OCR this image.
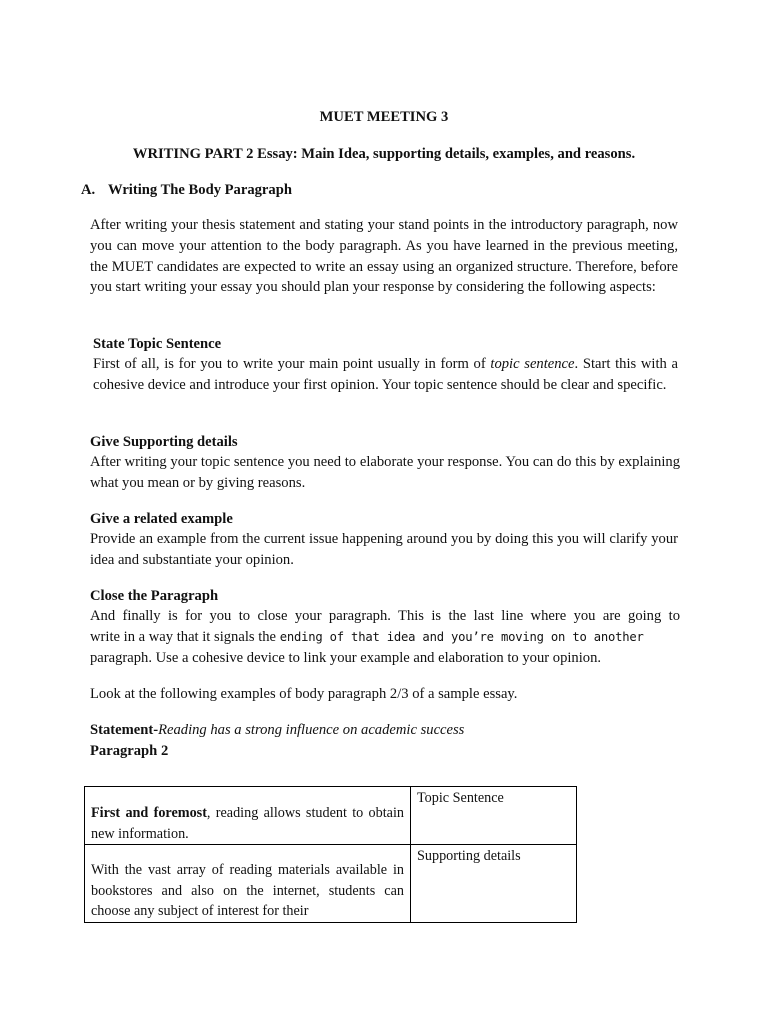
MUET MEETING 3
WRITING PART 2 Essay: Main Idea, supporting details, examples, and reasons.
A. Writing The Body Paragraph
After writing your thesis statement and stating your stand points in the introductory paragraph, now you can move your attention to the body paragraph. As you have learned in the previous meeting, the MUET candidates are expected to write an essay using an organized structure. Therefore, before you start writing your essay you should plan your response by considering the following aspects:
State Topic Sentence
First of all, is for you to write your main point usually in form of topic sentence. Start this with a cohesive device and introduce your first opinion. Your topic sentence should be clear and specific.
Give Supporting details
After writing your topic sentence you need to elaborate your response. You can do this by explaining what you mean or by giving reasons.
Give a related example
Provide an example from the current issue happening around you by doing this you will clarify your idea and substantiate your opinion.
Close the Paragraph
And finally is for you to close your paragraph. This is the last line where you are going to
write in a way that it signals the ending of that idea and you’re moving on to another
paragraph. Use a cohesive device to link your example and elaboration to your opinion.
Look at the following examples of body paragraph 2/3 of a sample essay.
Statement-Reading has a strong influence on academic success
Paragraph 2
First and foremost, reading allows student to obtain new information.	Topic Sentence

With the vast array of reading materials available in bookstores and also on the internet, students can choose any subject of interest for their	Supporting details
